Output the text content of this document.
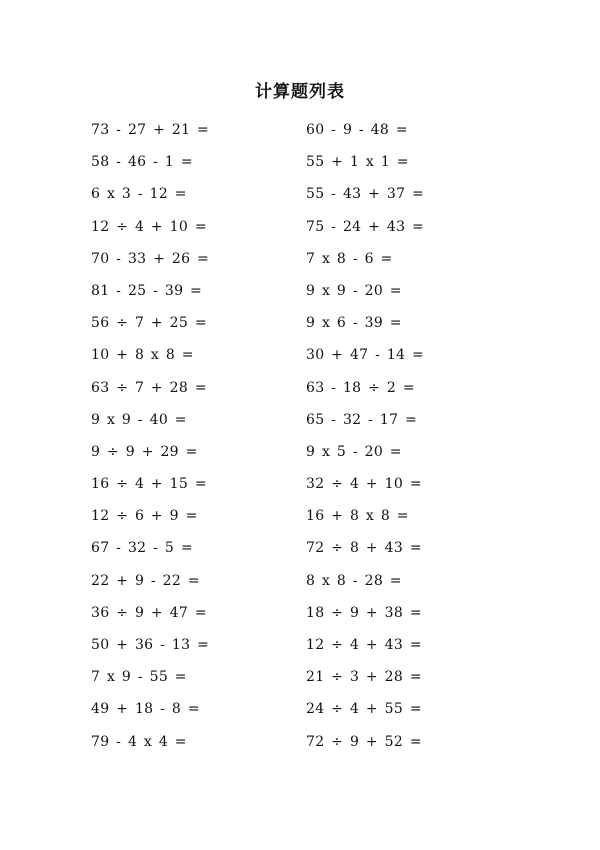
计算题列表
73 - 27 + 21 =
58 - 46 - 1 =
6 x 3 - 12 =
12 ÷ 4 + 10 =
70 - 33 + 26 =
81 - 25 - 39 =
56 ÷ 7 + 25 =
10 + 8 x 8 =
63 ÷ 7 + 28 =
9 x 9 - 40 =
9 ÷ 9 + 29 =
16 ÷ 4 + 15 =
12 ÷ 6 + 9 =
67 - 32 - 5 =
22 + 9 - 22 =
36 ÷ 9 + 47 =
50 + 36 - 13 =
7 x 9 - 55 =
49 + 18 - 8 =
79 - 4 x 4 =
60 - 9 - 48 =
55 + 1 x 1 =
55 - 43 + 37 =
75 - 24 + 43 =
7 x 8 - 6 =
9 x 9 - 20 =
9 x 6 - 39 =
30 + 47 - 14 =
63 - 18 ÷ 2 =
65 - 32 - 17 =
9 x 5 - 20 =
32 ÷ 4 + 10 =
16 + 8 x 8 =
72 ÷ 8 + 43 =
8 x 8 - 28 =
18 ÷ 9 + 38 =
12 ÷ 4 + 43 =
21 ÷ 3 + 28 =
24 ÷ 4 + 55 =
72 ÷ 9 + 52 =
